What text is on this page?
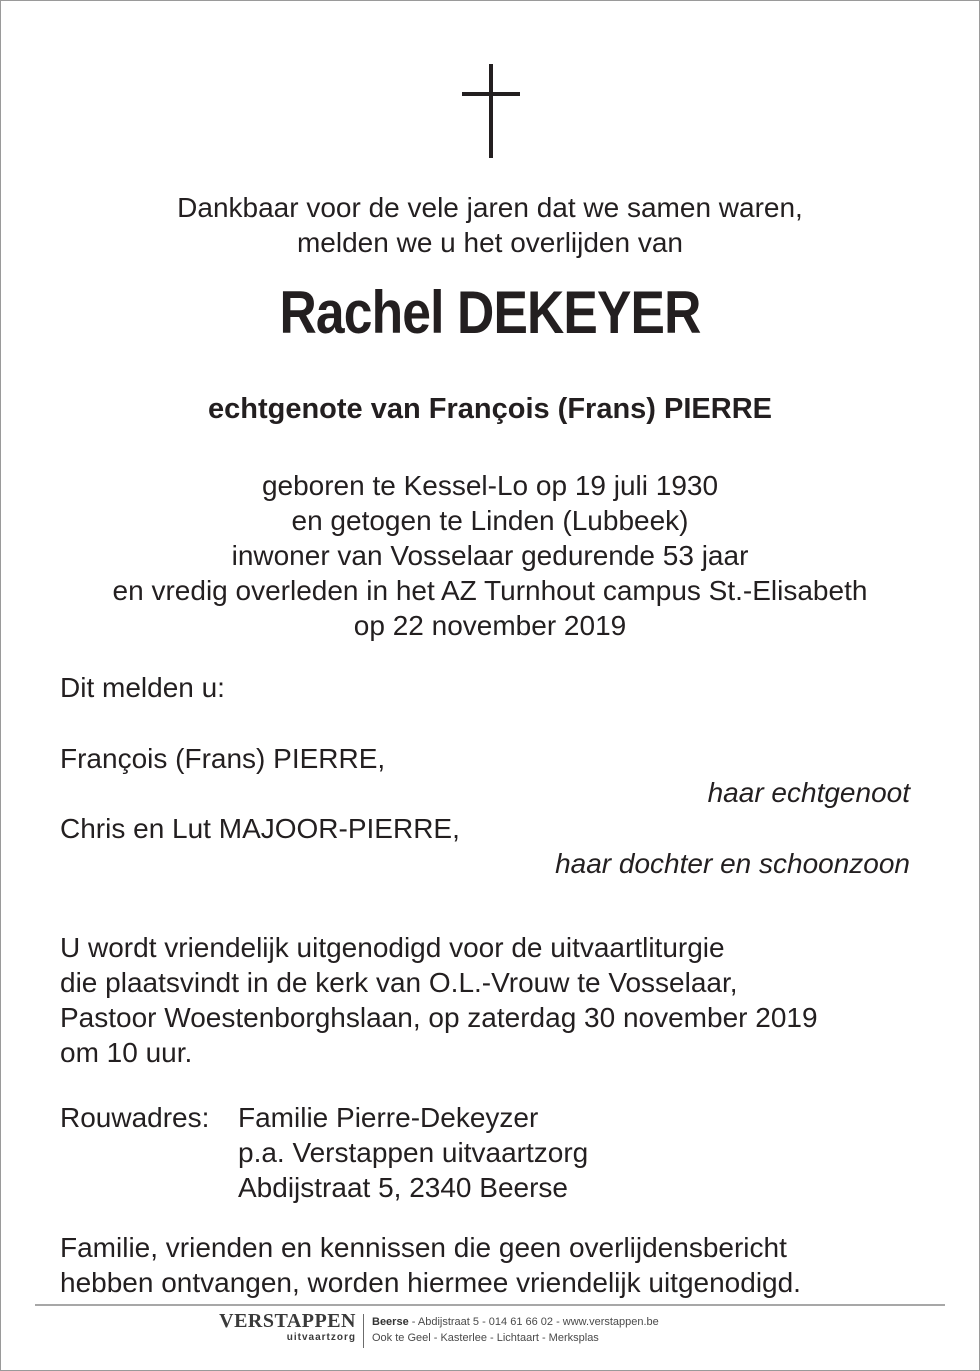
Dankbaar voor de vele jaren dat we samen waren,
melden we u het overlijden van
Rachel DEKEYER
echtgenote van François (Frans) PIERRE
geboren te Kessel-Lo op 19 juli 1930
en getogen te Linden (Lubbeek)
inwoner van Vosselaar gedurende 53 jaar
en vredig overleden in het AZ Turnhout campus St.-Elisabeth
op 22 november 2019
Dit melden u:
François (Frans) PIERRE,
haar echtgenoot
Chris en Lut MAJOOR-PIERRE,
haar dochter en schoonzoon
U wordt vriendelijk uitgenodigd voor de uitvaartliturgie
die plaatsvindt in de kerk van O.L.-Vrouw te Vosselaar,
Pastoor Woestenborghslaan, op zaterdag 30 november 2019
om 10 uur.
Rouwadres:	Familie Pierre-Dekeyzer
p.a. Verstappen uitvaartzorg
Abdijstraat 5, 2340 Beerse
Familie, vrienden en kennissen die geen overlijdensbericht
hebben ontvangen, worden hiermee vriendelijk uitgenodigd.
VERSTAPPEN
uitvaartzorg
Beerse - Abdijstraat 5 - 014 61 66 02 - www.verstappen.be
Ook te Geel - Kasterlee - Lichtaart - Merksplas
